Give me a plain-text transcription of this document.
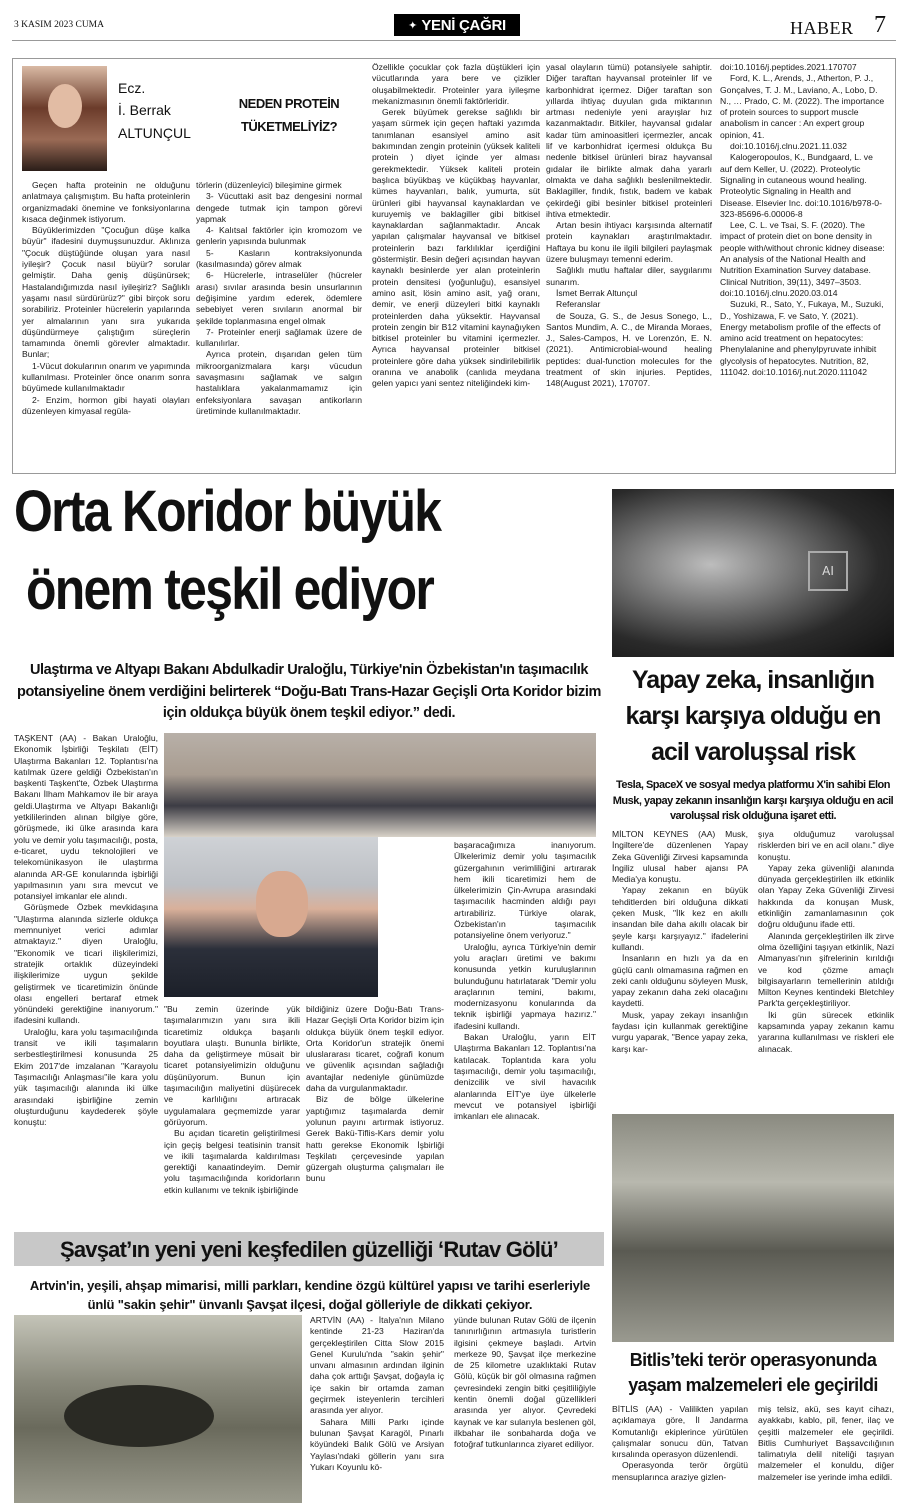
3 KASIM 2023 CUMA	✦ YENİ ÇAĞRI	HABER 7
Ecz.
İ. Berrak
ALTUNÇUL
NEDEN PROTEİN TÜKETMELİYİZ?

Geçen hafta proteinin ne olduğunu anlatmaya çalışmıştım. Bu hafta proteinlerin organizmadaki önemine ve fonksiyonlarına kısaca değinmek istiyorum.

Büyüklerimizden "Çocuğun düşe kalka büyür" ifadesini duymuşsunuzdur. Aklınıza "Çocuk düştüğünde oluşan yara nasıl iyileşir? Çocuk nasıl büyür? sorular gelmiştir. Daha geniş düşünürsek; Hastalandığımızda nasıl iyileşiriz? Sağlıklı yaşamı nasıl sürdürürüz?" gibi birçok soru sorabiliriz. Proteinler hücrelerin yapılarında yer almalarının yanı sıra yukarıda düşündürmeye çalıştığım süreçlerin tamamında önemli görevler almaktadır. Bunlar;

1-Vücut dokularının onarım ve yapımında kullanılması. Proteinler önce onarım sonra büyümede kullanılmaktadır

2- Enzim, hormon gibi hayati olayları düzenleyen kimyasal regüla-

törlerin (düzenleyici) bileşimine girmek

3- Vücuttaki asit baz dengesini normal dengede tutmak için tampon görevi yapmak

4- Kalıtsal faktörler için kromozom ve genlerin yapısında bulunmak

5- Kasların kontraksiyonunda (kasılmasında) görev almak

6- Hücrelerle, intraselüler (hücreler arası) sıvılar arasında besin unsurlarının değişimine yardım ederek, ödemlere sebebiyet veren sıvıların anormal bir şekilde toplanmasına engel olmak

7- Proteinler enerji sağlamak üzere de kullanılırlar.

Ayrıca protein, dışarıdan gelen tüm mikroorganizmalara karşı vücudun savaşmasını sağlamak ve salgın hastalıklara yakalanmamamız için enfeksiyonlara savaşan antikorların üretiminde kullanılmaktadır.

Özellikle çocuklar çok fazla düştükleri için vücutlarında yara bere ve çizikler oluşabilmektedir. Proteinler yara iyileşme mekanizmasının önemli faktörleridir.

Gerek büyümek gerekse sağlıklı bir yaşam sürmek için geçen haftaki yazımda tanımlanan esansiyel amino asit bakımından zengin proteinin (yüksek kaliteli protein ) diyet içinde yer alması gerekmektedir. Yüksek kaliteli protein başlıca büyükbaş ve küçükbaş hayvanlar, kümes hayvanları, balık, yumurta, süt ürünleri gibi hayvansal kaynaklardan ve kuruyemiş ve baklagiller gibi bitkisel kaynaklardan sağlanmaktadır. Ancak yapılan çalışmalar hayvansal ve bitkisel proteinlerin bazı farklılıklar içerdiğini göstermiştir. Besin değeri açısından hayvan kaynaklı besinlerde yer alan proteinlerin protein densitesi (yoğunluğu), esansiyel amino asit, lösin amino asit, yağ oranı, demir, ve enerji düzeyleri bitki kaynaklı proteinlerden daha yüksektir. Hayvansal protein zengin bir B12 vitamini kaynağıyken bitkisel proteinler bu vitamini içermezler. Ayrıca hayvansal proteinler bitkisel proteinlere göre daha yüksek sindirilebilirlik oranına ve anabolik (canlıda meydana gelen yapıcı yani sentez niteliğindeki kim-

yasal olayların tümü) potansiyele sahiptir. Diğer taraftan hayvansal proteinler lif ve karbonhidrat içermez. Diğer taraftan son yıllarda ihtiyaç duyulan gıda miktarının artması nedeniyle yeni arayışlar hız kazanmaktadır. Bitkiler, hayvansal gıdalar kadar tüm aminoasitleri içermezler, ancak lif ve karbonhidrat içermesi oldukça Bu nedenle bitkisel ürünleri biraz hayvansal gıdalar ile birlikte almak daha yararlı olmakta ve daha sağlıklı beslenilmektedir. Baklagiller, fındık, fıstık, badem ve kabak çekirdeği gibi besinler bitkisel proteinleri ihtiva etmektedir.

Artan besin ihtiyacı karşısında alternatif protein kaynakları araştırılmaktadır. Haftaya bu konu ile ilgili bilgileri paylaşmak üzere buluşmayı temenni ederim.

Sağlıklı mutlu haftalar diler, saygılarımı sunarım.

İsmet Berrak Altunçul

Referanslar

de Souza, G. S., de Jesus Sonego, L., Santos Mundim, A. C., de Miranda Moraes, J., Sales-Campos, H. ve Lorenzón, E. N. (2021). Antimicrobial-wound healing peptides: dual-function molecules for the treatment of skin injuries. Peptides, 148(August 2021), 170707.

doi:10.1016/j.peptides.2021.170707

Ford, K. L., Arends, J., Atherton, P. J., Gonçalves, T. J. M., Laviano, A., Lobo, D. N., … Prado, C. M. (2022). The importance of protein sources to support muscle anabolism in cancer : An expert group opinion, 41.

doi:10.1016/j.clnu.2021.11.032

Kalogeropoulos, K., Bundgaard, L. ve auf dem Keller, U. (2022). Proteolytic Signaling in cutaneous wound healing. Proteolytic Signaling in Health and Disease. Elsevier Inc. doi:10.1016/b978-0-323-85696-6.00006-8

Lee, C. L. ve Tsai, S. F. (2020). The impact of protein diet on bone density in people with/without chronic kidney disease: An analysis of the National Health and Nutrition Examination Survey database. Clinical Nutrition, 39(11), 3497–3503. doi:10.1016/j.clnu.2020.03.014

Suzuki, R., Sato, Y., Fukaya, M., Suzuki, D., Yoshizawa, F. ve Sato, Y. (2021). Energy metabolism profile of the effects of amino acid treatment on hepatocytes: Phenylalanine and phenylpyruvate inhibit glycolysis of hepatocytes. Nutrition, 82, 111042. doi:10.1016/j.nut.2020.111042

Orta Koridor büyük
önem teşkil ediyor
Ulaştırma ve Altyapı Bakanı Abdulkadir Uraloğlu, Türkiye'nin Özbekistan'ın taşımacılık potansiyeline önem verdiğini belirterek “Doğu-Batı Trans-Hazar Geçişli Orta Koridor bizim için oldukça büyük önem teşkil ediyor.” dedi.

TAŞKENT (AA) - Bakan Uraloğlu, Ekonomik İşbirliği Teşkilatı (EİT) Ulaştırma Bakanları 12. Toplantısı'na katılmak üzere geldiği Özbekistan'ın başkenti Taşkent'te, Özbek Ulaştırma Bakanı İlham Mahkamov ile bir araya geldi.Ulaştırma ve Altyapı Bakanlığı yetkililerinden alınan bilgiye göre, görüşmede, iki ülke arasında kara yolu ve demir yolu taşımacılığı, posta, e-ticaret, uydu teknolojileri ve telekomünikasyon ile ulaştırma alanında AR-GE konularında işbirliği yapılmasının yanı sıra mevcut ve potansiyel imkanlar ele alındı.

Görüşmede Özbek mevkidaşına "Ulaştırma alanında sizlerle oldukça memnuniyet verici adımlar atmaktayız." diyen Uraloğlu, "Ekonomik ve ticari ilişkilerimizi, stratejik ortaklık düzeyindeki ilişkilerimize uygun şekilde geliştirmek ve ticaretimizin önünde olası engelleri bertaraf etmek yönündeki gerektiğine inanıyorum." ifadesini kullandı.

Uraloğlu, kara yolu taşımacılığında transit ve ikili taşımaların serbestleştirilmesi konusunda 25 Ekim 2017'de imzalanan "Karayolu Taşımacılığı Anlaşması"ile kara yolu yük taşımacılığı alanında iki ülke arasındaki işbirliğine zemin oluşturduğunu kaydederek şöyle konuştu:

"Bu zemin üzerinde yük taşımalarımızın yanı sıra ikili ticaretimiz oldukça başarılı boyutlara ulaştı. Bununla birlikte, daha da geliştirmeye müsait bir ticaret potansiyelimizin olduğunu düşünüyorum. Bunun için taşımacılığın maliyetini düşürecek ve karlılığını artıracak uygulamalara geçmemizde yarar görüyorum.

Bu açıdan ticaretin geliştirilmesi için geçiş belgesi teatisinin transit ve ikili taşımalarda kaldırılması gerektiği kanaatindeyim. Demir yolu taşımacılığında koridorların etkin kullanımı ve teknik işbirliğinde

bildiğiniz üzere Doğu-Batı Trans-Hazar Geçişli Orta Koridor bizim için oldukça büyük önem teşkil ediyor. Orta Koridor'un stratejik önemi uluslararası ticaret, coğrafi konum ve güvenlik açısından sağladığı avantajlar nedeniyle günümüzde daha da vurgulanmaktadır.

Biz de bölge ülkelerine yaptığımız taşımalarda demir yolunun payını artırmak istiyoruz. Gerek Bakü-Tiflis-Kars demir yolu hattı gerekse Ekonomik İşbirliği Teşkilatı çerçevesinde yapılan güzergah oluşturma çalışmaları ile bunu

başaracağımıza inanıyorum. Ülkelerimiz demir yolu taşımacılık güzergahının verimliliğini artırarak hem ikili ticaretimizi hem de ülkelerimizin Çin-Avrupa arasındaki taşımacılık hacminden aldığı payı artırabiliriz. Türkiye olarak, Özbekistan'ın taşımacılık potansiyeline önem veriyoruz."

Uraloğlu, ayrıca Türkiye'nin demir yolu araçları üretimi ve bakımı konusunda yetkin kuruluşlarının bulunduğunu hatırlatarak "Demir yolu araçlarının temini, bakımı, modernizasyonu konularında da teknik işbirliği yapmaya hazırız." ifadesini kullandı.

Bakan Uraloğlu, yarın EİT Ulaştırma Bakanları 12. Toplantısı'na katılacak. Toplantıda kara yolu taşımacılığı, demir yolu taşımacılığı, denizcilik ve sivil havacılık alanlarında EİT'ye üye ülkelerle mevcut ve potansiyel işbirliği imkanları ele alınacak.

AI
Yapay zeka, insanlığın karşı karşıya olduğu en acil varoluşsal risk
Tesla, SpaceX ve sosyal medya platformu X'in sahibi Elon Musk, yapay zekanın insanlığın karşı karşıya olduğu en acil varoluşsal risk olduğuna işaret etti.

MİLTON KEYNES (AA) Musk, İngiltere'de düzenlenen Yapay Zeka Güvenliği Zirvesi kapsamında İngiliz ulusal haber ajansı PA Media'ya konuştu.

Yapay zekanın en büyük tehditlerden biri olduğuna dikkati çeken Musk, "İlk kez en akıllı insandan bile daha akıllı olacak bir şeyle karşı karşıyayız." ifadelerini kullandı.

İnsanların en hızlı ya da en güçlü canlı olmamasına rağmen en zeki canlı olduğunu söyleyen Musk, yapay zekanın daha zeki olacağını kaydetti.

Musk, yapay zekayı insanlığın faydası için kullanmak gerektiğine vurgu yaparak, "Bence yapay zeka, karşı kar-

şıya olduğumuz varoluşsal risklerden biri ve en acil olanı." diye konuştu.

Yapay zeka güvenliği alanında dünyada gerçekleştirilen ilk etkinlik olan Yapay Zeka Güvenliği Zirvesi hakkında da konuşan Musk, etkinliğin zamanlamasının çok doğru olduğunu ifade etti.

Alanında gerçekleştirilen ilk zirve olma özelliğini taşıyan etkinlik, Nazi Almanyası'nın şifrelerinin kırıldığı ve kod çözme amaçlı bilgisayarların temellerinin atıldığı Milton Keynes kentindeki Bletchley Park'ta gerçekleştiriliyor.

İki gün sürecek etkinlik kapsamında yapay zekanın kamu yararına kullanılması ve riskleri ele alınacak.

Bitlis’teki terör operasyonunda yaşam malzemeleri ele geçirildi

BİTLİS (AA) - Valilikten yapılan açıklamaya göre, İl Jandarma Komutanlığı ekiplerince yürütülen çalışmalar sonucu dün, Tatvan kırsalında operasyon düzenlendi.

Operasyonda terör örgütü mensuplarınca araziye gizlen-

miş telsiz, akü, ses kayıt cihazı, ayakkabı, kablo, pil, fener, ilaç ve çeşitli malzemeler ele geçirildi. Bitlis Cumhuriyet Başsavcılığının talimatıyla delil niteliği taşıyan malzemeler el konuldu, diğer malzemeler ise yerinde imha edildi.

Şavşat’ın yeni yeni keşfedilen güzelliği ‘Rutav Gölü’
Artvin'in, yeşili, ahşap mimarisi, milli parkları, kendine özgü kültürel yapısı ve tarihi eserleriyle ünlü "sakin şehir" ünvanlı Şavşat ilçesi, doğal gölleriyle de dikkati çekiyor.

ARTVİN (AA) - İtalya'nın Milano kentinde 21-23 Haziran'da gerçekleştirilen Citta Slow 2015 Genel Kurulu'nda "sakin şehir" unvanı almasının ardından ilginin daha çok arttığı Şavşat, doğayla iç içe sakin bir ortamda zaman geçirmek isteyenlerin tercihleri arasında yer alıyor.

Sahara Milli Parkı içinde bulunan Şavşat Karagöl, Pınarlı köyündeki Balık Gölü ve Arsiyan Yaylası'ndaki göllerin yanı sıra Yukarı Koyunlu kö-

yünde bulunan Rutav Gölü de ilçenin tanınırlığının artmasıyla turistlerin ilgisini çekmeye başladı. Artvin merkeze 90, Şavşat ilçe merkezine de 25 kilometre uzaklıktaki Rutav Gölü, küçük bir göl olmasına rağmen çevresindeki zengin bitki çeşitliliğiyle kentin önemli doğal güzellikleri arasında yer alıyor. Çevredeki kaynak ve kar sularıyla beslenen göl, ilkbahar ile sonbaharda doğa ve fotoğraf tutkunlarınca ziyaret ediliyor.
